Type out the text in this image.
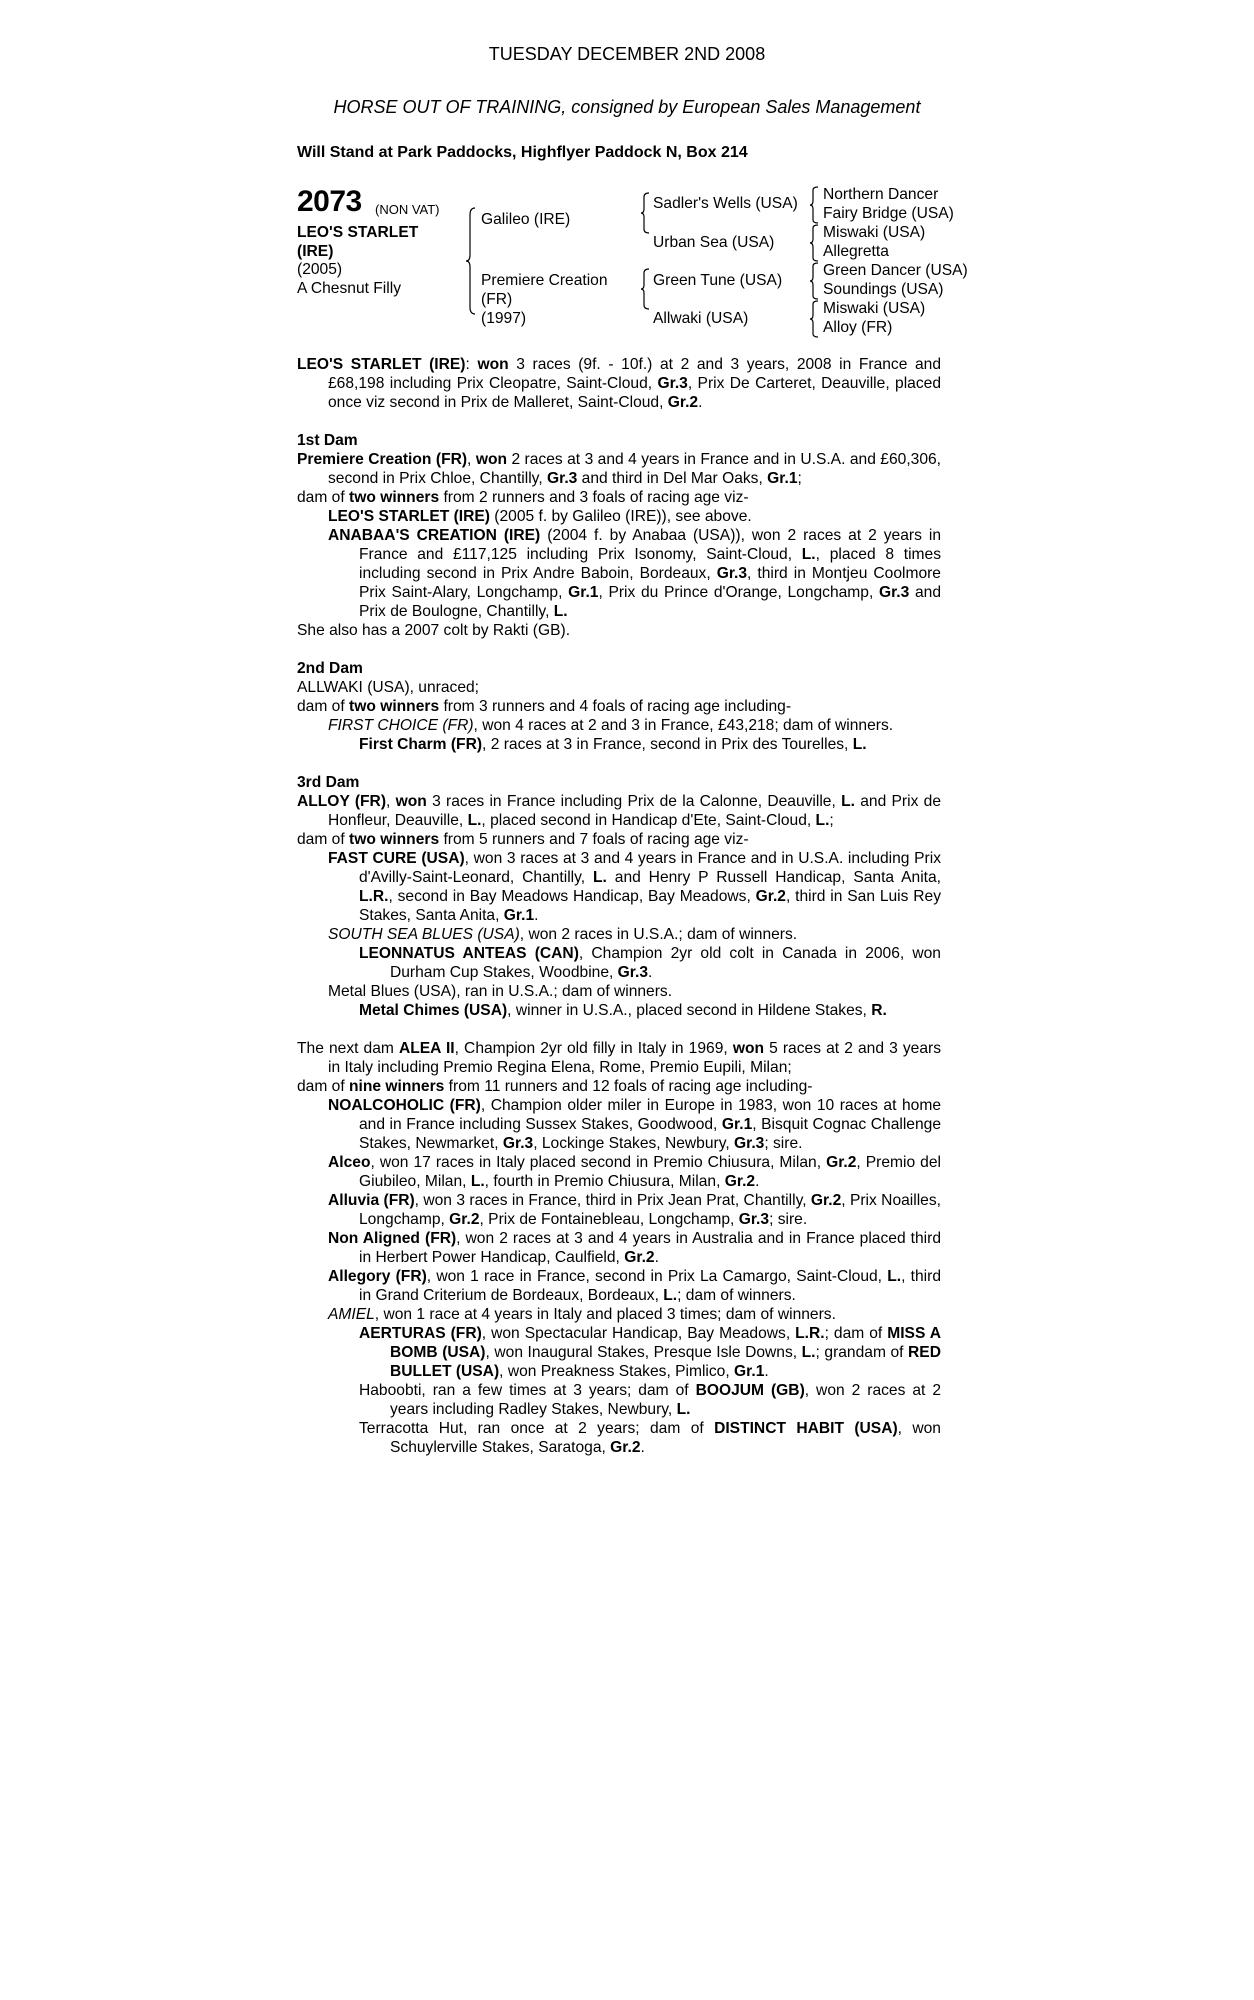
TUESDAY DECEMBER 2ND 2008
HORSE OUT OF TRAINING, consigned by European Sales Management
Will Stand at Park Paddocks, Highflyer Paddock N, Box 214
2073 (NON VAT)
LEO'S STARLET (IRE)
(2005)
A Chesnut Filly
Galileo (IRE)
Premiere Creation
(FR)
(1997)
Sadler's Wells (USA)
Urban Sea (USA)
Green Tune (USA)
Allwaki (USA)
Northern Dancer
Fairy Bridge (USA)
Miswaki (USA)
Allegretta
Green Dancer (USA)
Soundings (USA)
Miswaki (USA)
Alloy (FR)

LEO'S STARLET (IRE): won 3 races (9f. - 10f.) at 2 and 3 years, 2008 in France and £68,198 including Prix Cleopatre, Saint-Cloud, Gr.3, Prix De Carteret, Deauville, placed once viz second in Prix de Malleret, Saint-Cloud, Gr.2.

1st Dam

Premiere Creation (FR), won 2 races at 3 and 4 years in France and in U.S.A. and £60,306, second in Prix Chloe, Chantilly, Gr.3 and third in Del Mar Oaks, Gr.1;

dam of two winners from 2 runners and 3 foals of racing age viz-

LEO'S STARLET (IRE) (2005 f. by Galileo (IRE)), see above.

ANABAA'S CREATION (IRE) (2004 f. by Anabaa (USA)), won 2 races at 2 years in France and £117,125 including Prix Isonomy, Saint-Cloud, L., placed 8 times including second in Prix Andre Baboin, Bordeaux, Gr.3, third in Montjeu Coolmore Prix Saint-Alary, Longchamp, Gr.1, Prix du Prince d'Orange, Longchamp, Gr.3 and Prix de Boulogne, Chantilly, L.

She also has a 2007 colt by Rakti (GB).

2nd Dam

ALLWAKI (USA), unraced;

dam of two winners from 3 runners and 4 foals of racing age including-

FIRST CHOICE (FR), won 4 races at 2 and 3 in France, £43,218; dam of winners.

First Charm (FR), 2 races at 3 in France, second in Prix des Tourelles, L.

3rd Dam

ALLOY (FR), won 3 races in France including Prix de la Calonne, Deauville, L. and Prix de Honfleur, Deauville, L., placed second in Handicap d'Ete, Saint-Cloud, L.;

dam of two winners from 5 runners and 7 foals of racing age viz-

FAST CURE (USA), won 3 races at 3 and 4 years in France and in U.S.A. including Prix d'Avilly-Saint-Leonard, Chantilly, L. and Henry P Russell Handicap, Santa Anita, L.R., second in Bay Meadows Handicap, Bay Meadows, Gr.2, third in San Luis Rey Stakes, Santa Anita, Gr.1.

SOUTH SEA BLUES (USA), won 2 races in U.S.A.; dam of winners.

LEONNATUS ANTEAS (CAN), Champion 2yr old colt in Canada in 2006, won Durham Cup Stakes, Woodbine, Gr.3.

Metal Blues (USA), ran in U.S.A.; dam of winners.

Metal Chimes (USA), winner in U.S.A., placed second in Hildene Stakes, R.

The next dam ALEA II, Champion 2yr old filly in Italy in 1969, won 5 races at 2 and 3 years in Italy including Premio Regina Elena, Rome, Premio Eupili, Milan;

dam of nine winners from 11 runners and 12 foals of racing age including-

NOALCOHOLIC (FR), Champion older miler in Europe in 1983, won 10 races at home and in France including Sussex Stakes, Goodwood, Gr.1, Bisquit Cognac Challenge Stakes, Newmarket, Gr.3, Lockinge Stakes, Newbury, Gr.3; sire.

Alceo, won 17 races in Italy placed second in Premio Chiusura, Milan, Gr.2, Premio del Giubileo, Milan, L., fourth in Premio Chiusura, Milan, Gr.2.

Alluvia (FR), won 3 races in France, third in Prix Jean Prat, Chantilly, Gr.2, Prix Noailles, Longchamp, Gr.2, Prix de Fontainebleau, Longchamp, Gr.3; sire.

Non Aligned (FR), won 2 races at 3 and 4 years in Australia and in France placed third in Herbert Power Handicap, Caulfield, Gr.2.

Allegory (FR), won 1 race in France, second in Prix La Camargo, Saint-Cloud, L., third in Grand Criterium de Bordeaux, Bordeaux, L.; dam of winners.

AMIEL, won 1 race at 4 years in Italy and placed 3 times; dam of winners.

AERTURAS (FR), won Spectacular Handicap, Bay Meadows, L.R.; dam of MISS A BOMB (USA), won Inaugural Stakes, Presque Isle Downs, L.; grandam of RED BULLET (USA), won Preakness Stakes, Pimlico, Gr.1.

Haboobti, ran a few times at 3 years; dam of BOOJUM (GB), won 2 races at 2 years including Radley Stakes, Newbury, L.

Terracotta Hut, ran once at 2 years; dam of DISTINCT HABIT (USA), won Schuylerville Stakes, Saratoga, Gr.2.
